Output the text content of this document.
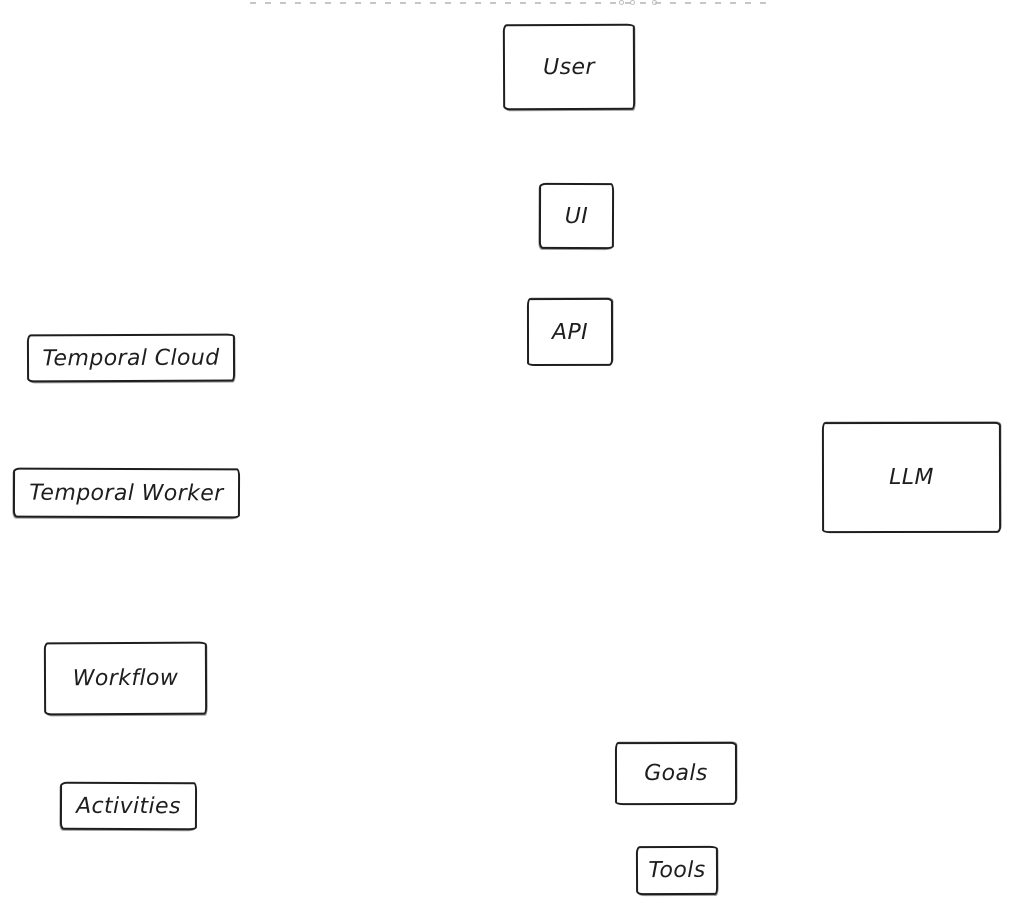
User
UI
API
Temporal Cloud
Temporal Worker
LLM
Workflow
Activities
Goals
Tools
